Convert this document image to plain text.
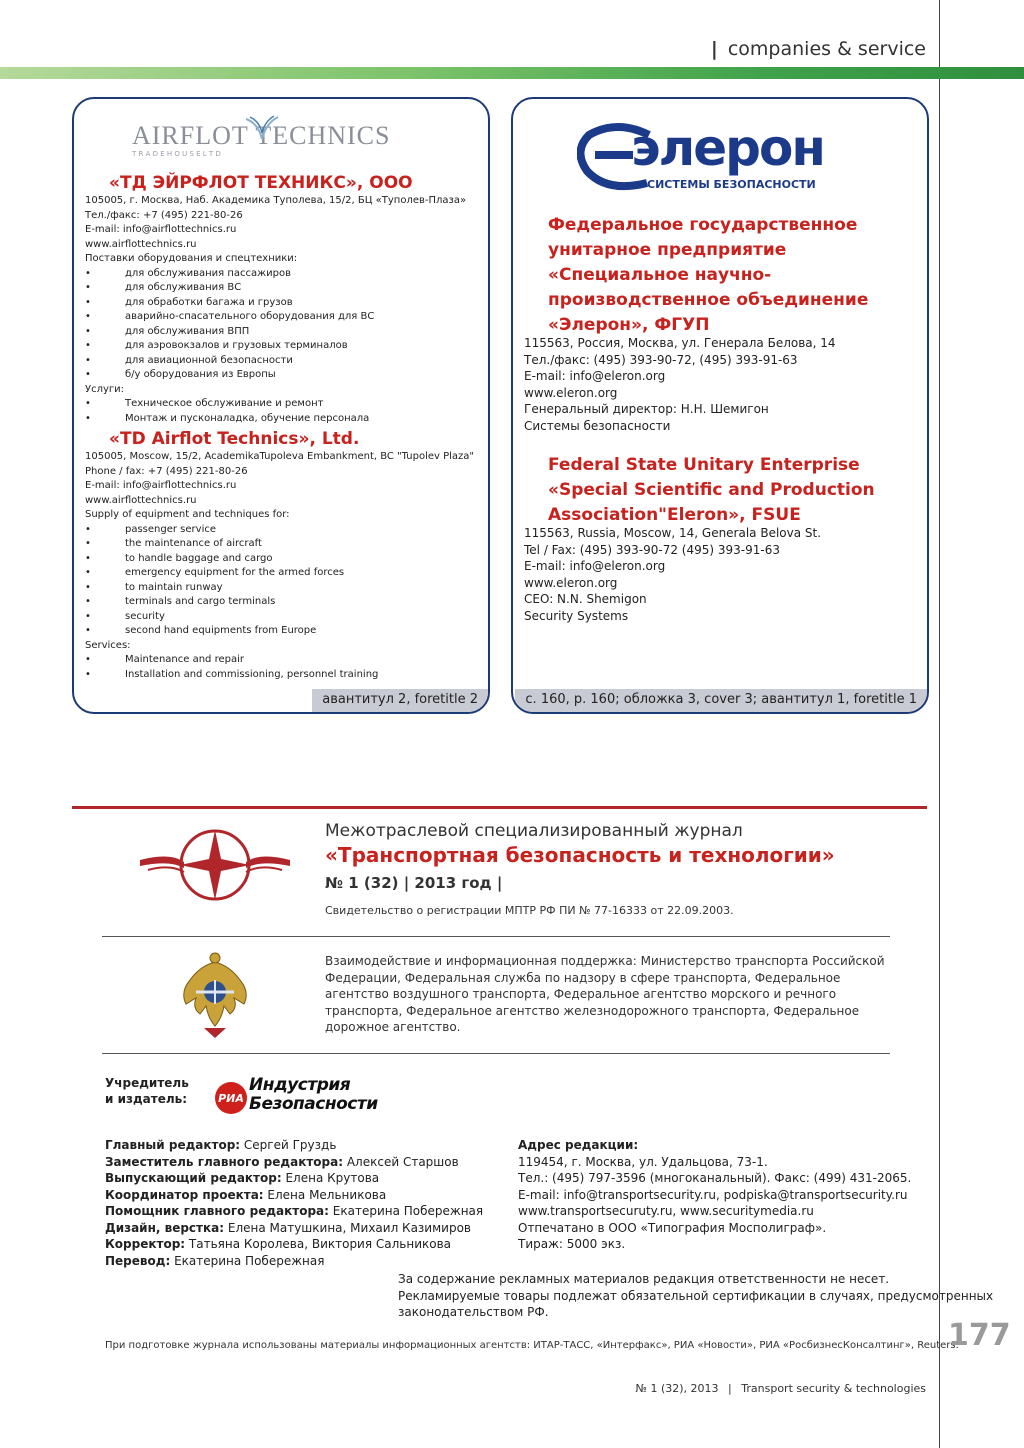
| companies & service
AIRFLOT TECHNICS
T R A D E H O U S E L T D
«ТД ЭЙРФЛОТ ТЕХНИКС», ООО
105005, г. Москва, Наб. Академика Туполева, 15/2, БЦ «Туполев-Плаза»
Тел./факс: +7 (495) 221-80-26
E-mail: info@airflottechnics.ru
www.airflottechnics.ru
Поставки оборудования и спецтехники:
• для обслуживания пассажиров
• для обслуживания ВС
• для обработки багажа и грузов
• аварийно-спасательного оборудования для ВС
• для обслуживания ВПП
• для аэровокзалов и грузовых терминалов
• для авиационной безопасности
• б/у оборудования из Европы
Услуги:
• Техническое обслуживание и ремонт
• Монтаж и пусконаладка, обучение персонала
«TD Airflot Technics», Ltd.
105005, Moscow, 15/2, AcademikaTupoleva Embankment, BC "Tupolev Plaza"
Phone / fax: +7 (495) 221-80-26
E-mail: info@airflottechnics.ru
www.airflottechnics.ru
Supply of equipment and techniques for:
• passenger service
• the maintenance of aircraft
• to handle baggage and cargo
• emergency equipment for the armed forces
• to maintain runway
• terminals and cargo terminals
• security
• second hand equipments from Europe
Services:
• Maintenance and repair
• Installation and commissioning, personnel training
авантитул 2, foretitle 2
элерон
СИСТЕМЫ БЕЗОПАСНОСТИ
Федеральное государственное
унитарное предприятие
«Специальное научно-
производственное объединение
«Элерон», ФГУП
115563, Россия, Москва, ул. Генерала Белова, 14
Тел./факс: (495) 393-90-72, (495) 393-91-63
E-mail: info@eleron.org
www.eleron.org
Генеральный директор: Н.Н. Шемигон
Системы безопасности
Federal State Unitary Enterprise
«Special Scientific and Production
Association"Eleron», FSUE
115563, Russia, Moscow, 14, Generala Belova St.
Tel / Fax: (495) 393-90-72 (495) 393-91-63
E-mail: info@eleron.org
www.eleron.org
CEO: N.N. Shemigon
Security Systems
с. 160, p. 160; обложка 3, cover 3; авантитул 1, foretitle 1
Межотраслевой специализированный журнал
«Транспортная безопасность и технологии»
№ 1 (32) | 2013 год |
Свидетельство о регистрации МПТР РФ ПИ № 77-16333 от 22.09.2003.
Взаимодействие и информационная поддержка: Министерство транспорта Российской Федерации, Федеральная служба по надзору в сфере транспорта, Федеральное агентство воздушного транспорта, Федеральное агентство морского и речного транспорта, Федеральное агентство железнодорожного транспорта, Федеральное дорожное агентство.
Учредитель
и издатель:	РИА
Индустрия
Безопасности
Главный редактор: Сергей Груздь
Заместитель главного редактора: Алексей Старшов
Выпускающий редактор: Елена Крутова
Координатор проекта: Елена Мельникова
Помощник главного редактора: Екатерина Побережная
Дизайн, верстка: Елена Матушкина, Михаил Казимиров
Корректор: Татьяна Королева, Виктория Сальникова
Перевод: Екатерина Побережная
Адрес редакции:
119454, г. Москва, ул. Удальцова, 73-1.
Тел.: (495) 797-3596 (многоканальный). Факс: (499) 431-2065.
E-mail: info@transportsecurity.ru, podpiska@transportsecurity.ru
www.transportsecuruty.ru, www.securitymedia.ru
Отпечатано в ООО «Типография Мосполиграф».
Тираж: 5000 экз.
За содержание рекламных материалов редакция ответственности не несет.
Рекламируемые товары подлежат обязательной сертификации в случаях, предусмотренных
законодательством РФ.
При подготовке журнала использованы материалы информационных агентств: ИТАР-ТАСС, «Интерфакс», РИА «Новости», РИА «РосбизнесКонсалтинг», Reuters.
177
№ 1 (32), 2013 | Transport security & technologies
